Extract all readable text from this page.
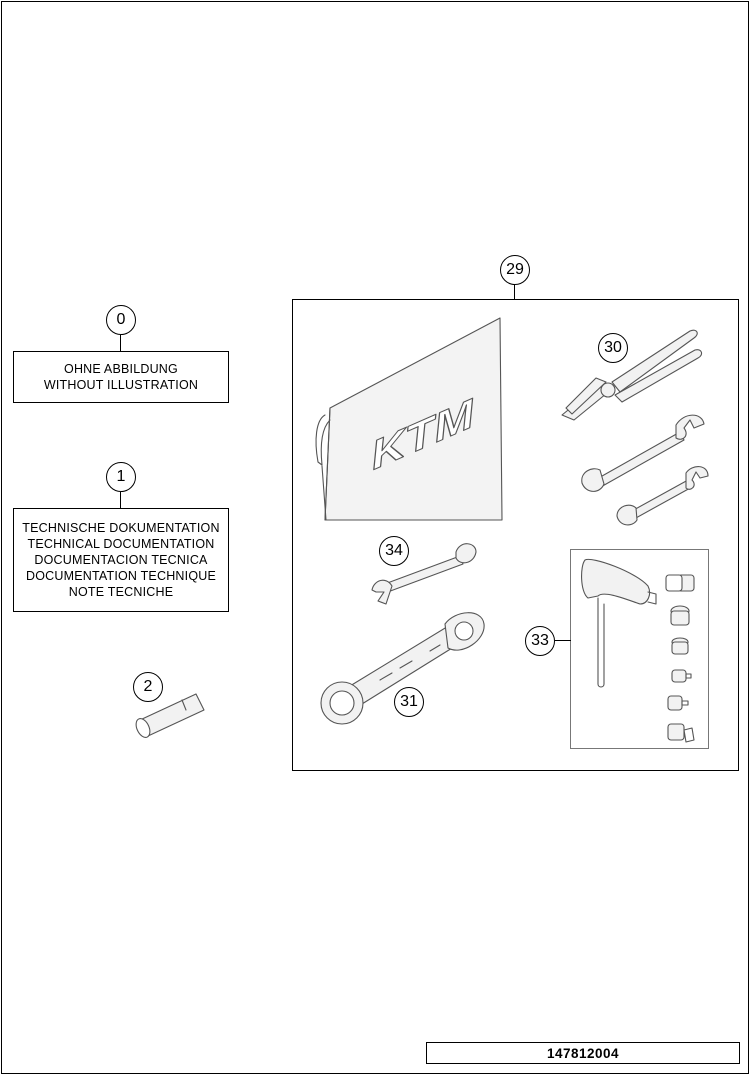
0
OHNE ABBILDUNG
WITHOUT ILLUSTRATION
1
TECHNISCHE DOKUMENTATION
TECHNICAL DOCUMENTATION
DOCUMENTACION TECNICA
DOCUMENTATION TECHNIQUE
NOTE TECNICHE
2
29
30
34
31
33
KTM
147812004
